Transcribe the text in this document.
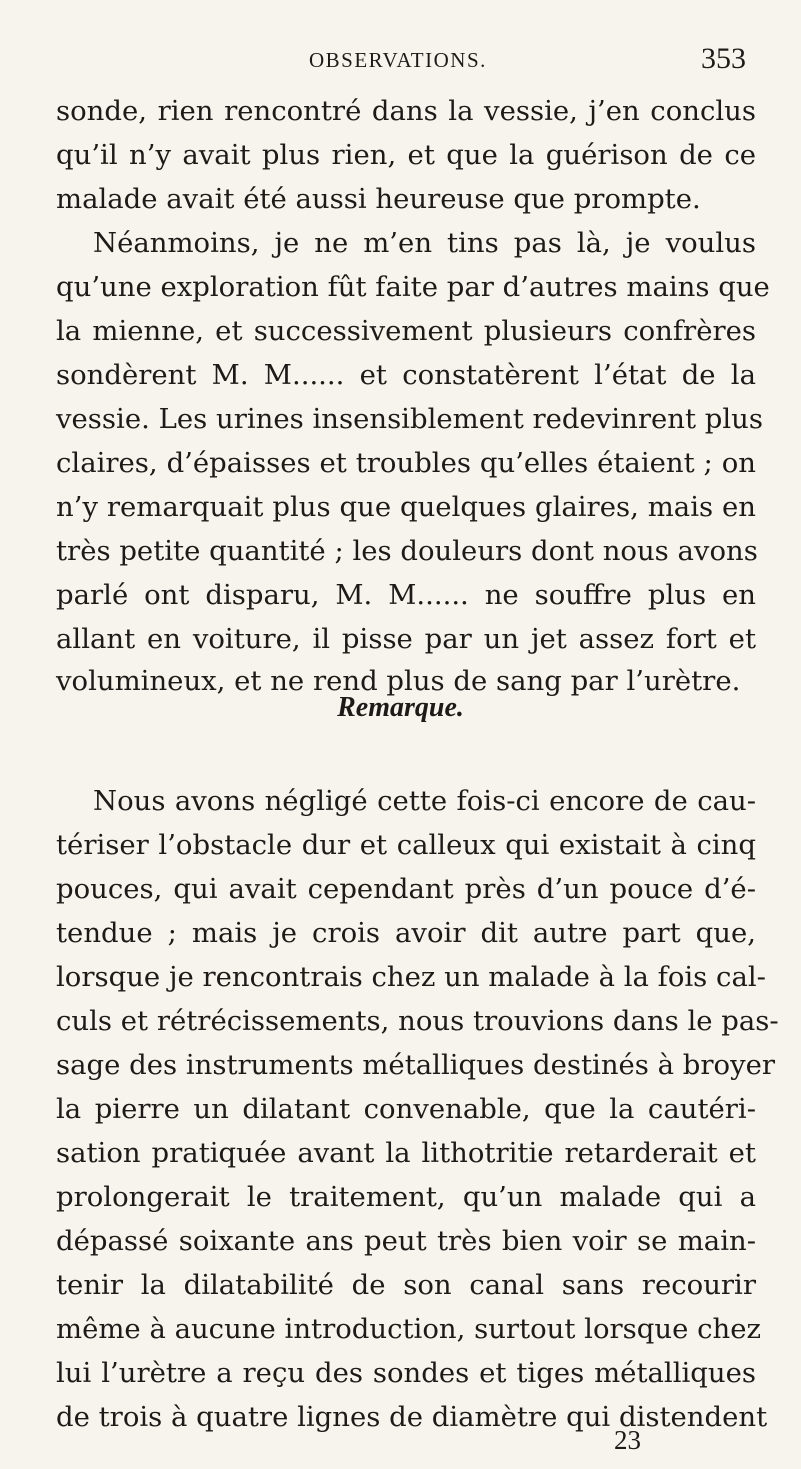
OBSERVATIONS.	353
sonde, rien rencontré dans la vessie, j’en conclus
qu’il n’y avait plus rien, et que la guérison de ce
malade avait été aussi heureuse que prompte.
Néanmoins, je ne m’en tins pas là, je voulus
qu’une exploration fût faite par d’autres mains que
la mienne, et successivement plusieurs confrères
sondèrent M. M...... et constatèrent l’état de la
vessie. Les urines insensiblement redevinrent plus
claires, d’épaisses et troubles qu’elles étaient ; on
n’y remarquait plus que quelques glaires, mais en
très petite quantité ; les douleurs dont nous avons
parlé ont disparu, M. M...... ne souffre plus en
allant en voiture, il pisse par un jet assez fort et
volumineux, et ne rend plus de sang par l’urètre.
Remarque.
Nous avons négligé cette fois-ci encore de cau-
tériser l’obstacle dur et calleux qui existait à cinq
pouces, qui avait cependant près d’un pouce d’é-
tendue ; mais je crois avoir dit autre part que,
lorsque je rencontrais chez un malade à la fois cal-
culs et rétrécissements, nous trouvions dans le pas-
sage des instruments métalliques destinés à broyer
la pierre un dilatant convenable, que la cautéri-
sation pratiquée avant la lithotritie retarderait et
prolongerait le traitement, qu’un malade qui a
dépassé soixante ans peut très bien voir se main-
tenir la dilatabilité de son canal sans recourir
même à aucune introduction, surtout lorsque chez
lui l’urètre a reçu des sondes et tiges métalliques
de trois à quatre lignes de diamètre qui distendent
23
